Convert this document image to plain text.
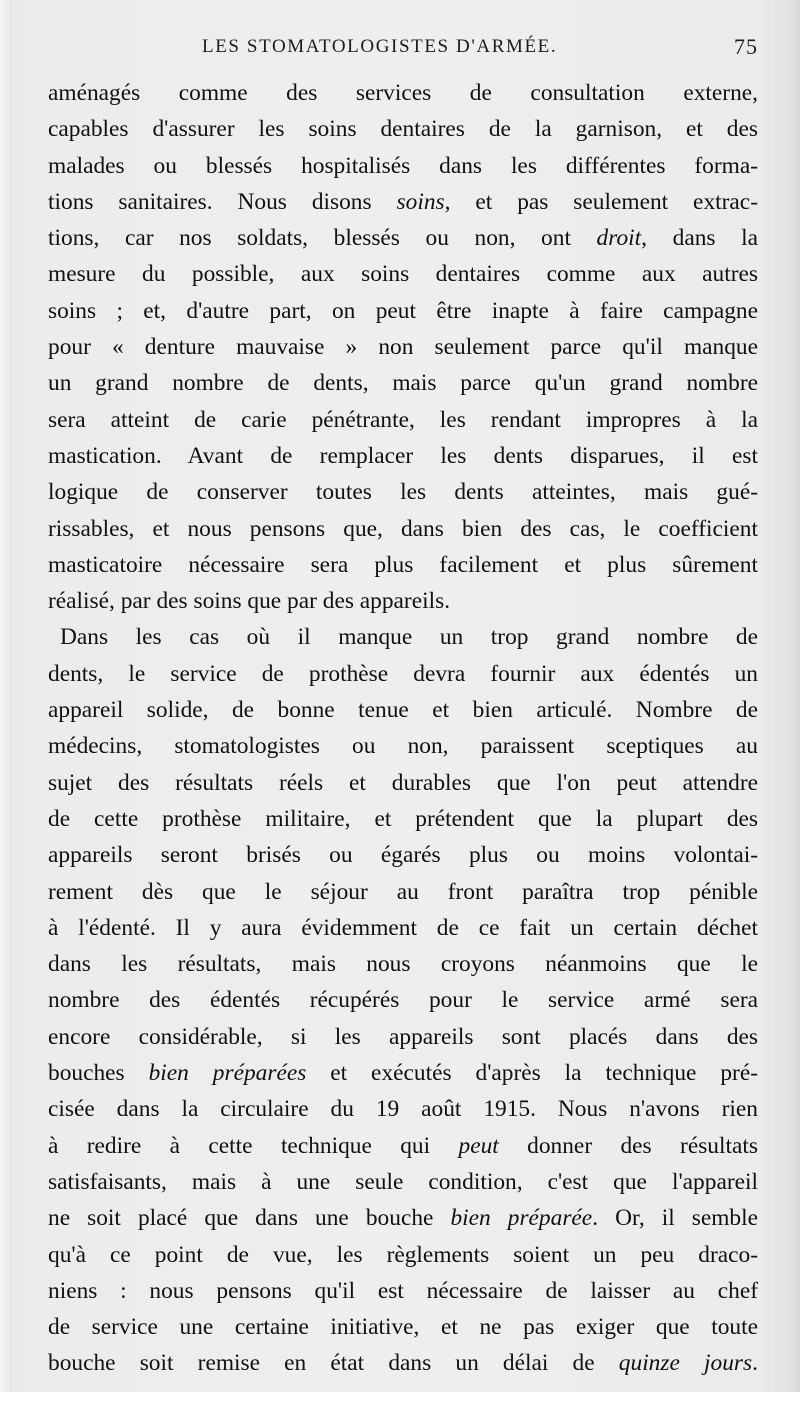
LES STOMATOLOGISTES D'ARMÉE.	75
aménagés comme des services de consultation externe,
capables d'assurer les soins dentaires de la garnison, et des
malades ou blessés hospitalisés dans les différentes forma-
tions sanitaires. Nous disons soins, et pas seulement extrac-
tions, car nos soldats, blessés ou non, ont droit, dans la
mesure du possible, aux soins dentaires comme aux autres
soins ; et, d'autre part, on peut être inapte à faire campagne
pour « denture mauvaise » non seulement parce qu'il manque
un grand nombre de dents, mais parce qu'un grand nombre
sera atteint de carie pénétrante, les rendant impropres à la
mastication. Avant de remplacer les dents disparues, il est
logique de conserver toutes les dents atteintes, mais gué-
rissables, et nous pensons que, dans bien des cas, le coefficient
masticatoire nécessaire sera plus facilement et plus sûrement
réalisé, par des soins que par des appareils.
Dans les cas où il manque un trop grand nombre de
dents, le service de prothèse devra fournir aux édentés un
appareil solide, de bonne tenue et bien articulé. Nombre de
médecins, stomatologistes ou non, paraissent sceptiques au
sujet des résultats réels et durables que l'on peut attendre
de cette prothèse militaire, et prétendent que la plupart des
appareils seront brisés ou égarés plus ou moins volontai-
rement dès que le séjour au front paraîtra trop pénible
à l'édenté. Il y aura évidemment de ce fait un certain déchet
dans les résultats, mais nous croyons néanmoins que le
nombre des édentés récupérés pour le service armé sera
encore considérable, si les appareils sont placés dans des
bouches bien préparées et exécutés d'après la technique pré-
cisée dans la circulaire du 19 août 1915. Nous n'avons rien
à redire à cette technique qui peut donner des résultats
satisfaisants, mais à une seule condition, c'est que l'appareil
ne soit placé que dans une bouche bien préparée. Or, il semble
qu'à ce point de vue, les règlements soient un peu draco-
niens : nous pensons qu'il est nécessaire de laisser au chef
de service une certaine initiative, et ne pas exiger que toute
bouche soit remise en état dans un délai de quinze jours.
